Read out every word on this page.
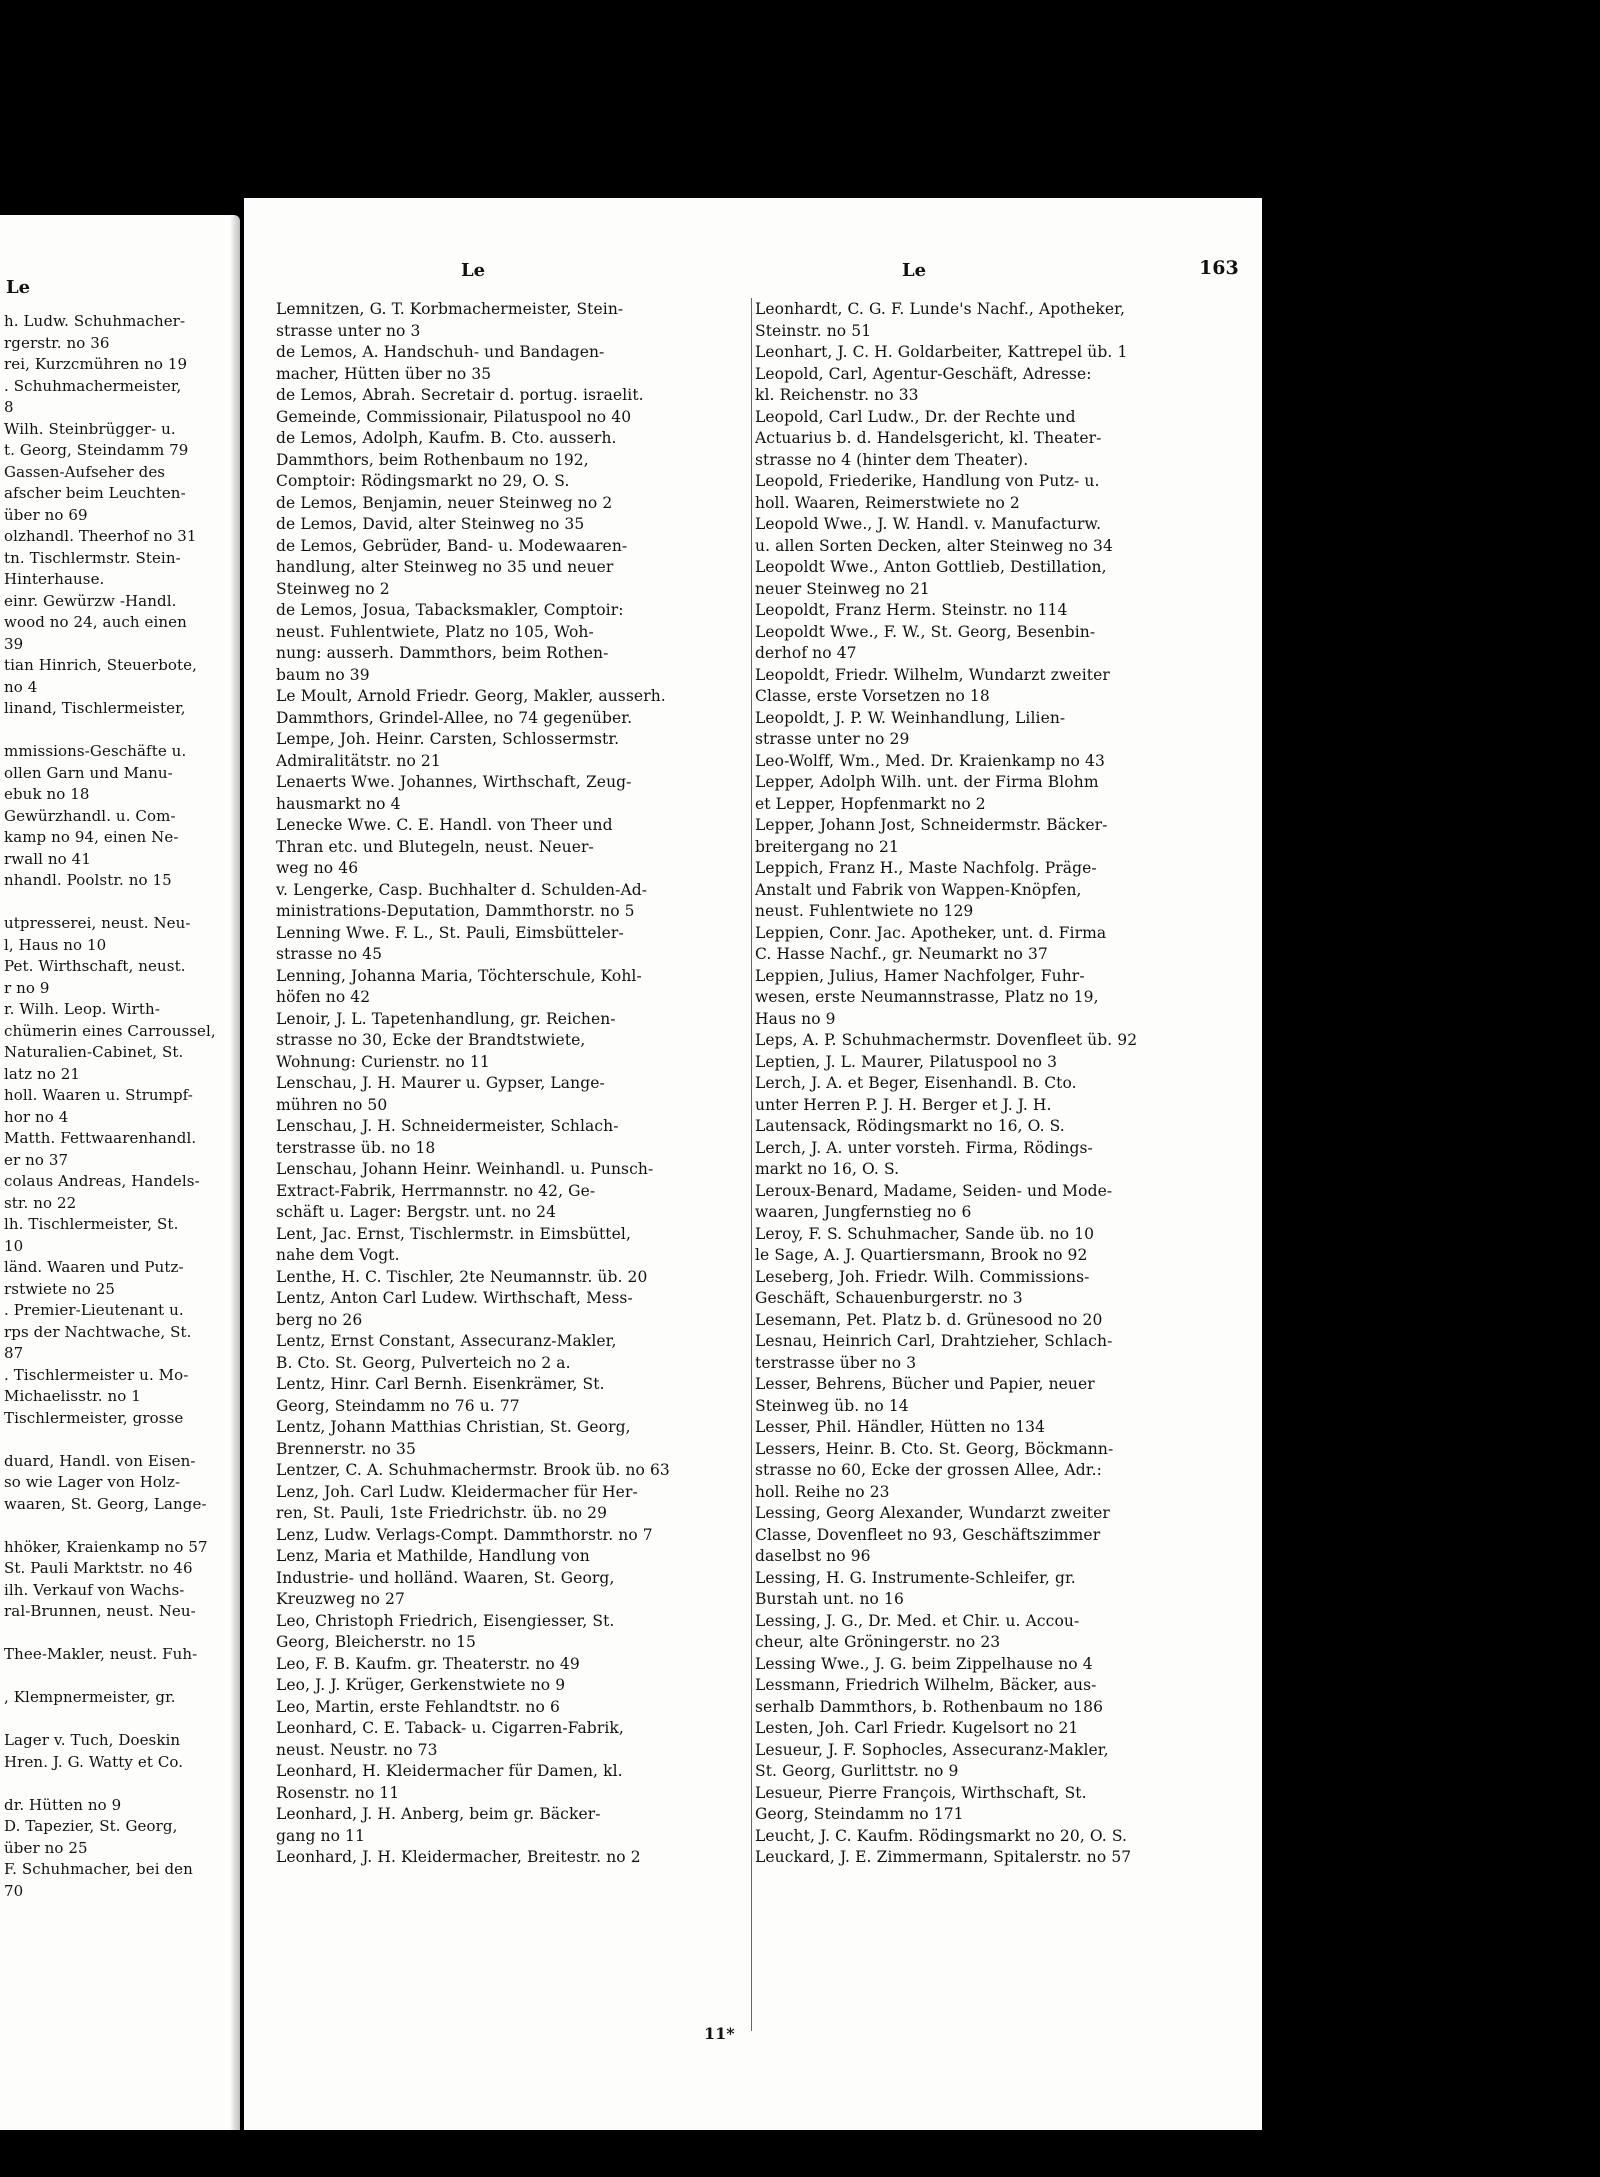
Le
h. Ludw. Schuhmacher-
rgerstr. no 36
rei, Kurzcmühren no 19
. Schuhmachermeister,
8
Wilh. Steinbrügger- u.
t. Georg, Steindamm 79
Gassen-Aufseher des
afscher beim Leuchten-
über no 69
olzhandl. Theerhof no 31
tn. Tischlermstr. Stein-
Hinterhause.
einr. Gewürzw -Handl.
wood no 24, auch einen
39
tian Hinrich, Steuerbote,
no 4
linand, Tischlermeister,
mmissions-Geschäfte u.
ollen Garn und Manu-
ebuk no 18
Gewürzhandl. u. Com-
kamp no 94, einen Ne-
rwall no 41
nhandl. Poolstr. no 15
utpresserei, neust. Neu-
l, Haus no 10
Pet. Wirthschaft, neust.
r no 9
r. Wilh. Leop. Wirth-
chümerin eines Carroussel,
Naturalien-Cabinet, St.
latz no 21
holl. Waaren u. Strumpf-
hor no 4
Matth. Fettwaarenhandl.
er no 37
colaus Andreas, Handels-
str. no 22
lh. Tischlermeister, St.
10
länd. Waaren und Putz-
rstwiete no 25
. Premier-Lieutenant u.
rps der Nachtwache, St.
87
. Tischlermeister u. Mo-
Michaelisstr. no 1
Tischlermeister, grosse
duard, Handl. von Eisen-
so wie Lager von Holz-
waaren, St. Georg, Lange-
hhöker, Kraienkamp no 57
St. Pauli Marktstr. no 46
ilh. Verkauf von Wachs-
ral-Brunnen, neust. Neu-
Thee-Makler, neust. Fuh-
, Klempnermeister, gr.
Lager v. Tuch, Doeskin
Hren. J. G. Watty et Co.
dr. Hütten no 9
D. Tapezier, St. Georg,
über no 25
F. Schuhmacher, bei den
70
Le	Le	163
Lemnitzen, G. T. Korbmachermeister, Stein-
strasse unter no 3
de Lemos, A. Handschuh- und Bandagen-
macher, Hütten über no 35
de Lemos, Abrah. Secretair d. portug. israelit.
Gemeinde, Commissionair, Pilatuspool no 40
de Lemos, Adolph, Kaufm. B. Cto. ausserh.
Dammthors, beim Rothenbaum no 192,
Comptoir: Rödingsmarkt no 29, O. S.
de Lemos, Benjamin, neuer Steinweg no 2
de Lemos, David, alter Steinweg no 35
de Lemos, Gebrüder, Band- u. Modewaaren-
handlung, alter Steinweg no 35 und neuer
Steinweg no 2
de Lemos, Josua, Tabacksmakler, Comptoir:
neust. Fuhlentwiete, Platz no 105, Woh-
nung: ausserh. Dammthors, beim Rothen-
baum no 39
Le Moult, Arnold Friedr. Georg, Makler, ausserh.
Dammthors, Grindel-Allee, no 74 gegenüber.
Lempe, Joh. Heinr. Carsten, Schlossermstr.
Admiralitätstr. no 21
Lenaerts Wwe. Johannes, Wirthschaft, Zeug-
hausmarkt no 4
Lenecke Wwe. C. E. Handl. von Theer und
Thran etc. und Blutegeln, neust. Neuer-
weg no 46
v. Lengerke, Casp. Buchhalter d. Schulden-Ad-
ministrations-Deputation, Dammthorstr. no 5
Lenning Wwe. F. L., St. Pauli, Eimsbütteler-
strasse no 45
Lenning, Johanna Maria, Töchterschule, Kohl-
höfen no 42
Lenoir, J. L. Tapetenhandlung, gr. Reichen-
strasse no 30, Ecke der Brandtstwiete,
Wohnung: Curienstr. no 11
Lenschau, J. H. Maurer u. Gypser, Lange-
mühren no 50
Lenschau, J. H. Schneidermeister, Schlach-
terstrasse üb. no 18
Lenschau, Johann Heinr. Weinhandl. u. Punsch-
Extract-Fabrik, Herrmannstr. no 42, Ge-
schäft u. Lager: Bergstr. unt. no 24
Lent, Jac. Ernst, Tischlermstr. in Eimsbüttel,
nahe dem Vogt.
Lenthe, H. C. Tischler, 2te Neumannstr. üb. 20
Lentz, Anton Carl Ludew. Wirthschaft, Mess-
berg no 26
Lentz, Ernst Constant, Assecuranz-Makler,
B. Cto. St. Georg, Pulverteich no 2 a.
Lentz, Hinr. Carl Bernh. Eisenkrämer, St.
Georg, Steindamm no 76 u. 77
Lentz, Johann Matthias Christian, St. Georg,
Brennerstr. no 35
Lentzer, C. A. Schuhmachermstr. Brook üb. no 63
Lenz, Joh. Carl Ludw. Kleidermacher für Her-
ren, St. Pauli, 1ste Friedrichstr. üb. no 29
Lenz, Ludw. Verlags-Compt. Dammthorstr. no 7
Lenz, Maria et Mathilde, Handlung von
Industrie- und holländ. Waaren, St. Georg,
Kreuzweg no 27
Leo, Christoph Friedrich, Eisengiesser, St.
Georg, Bleicherstr. no 15
Leo, F. B. Kaufm. gr. Theaterstr. no 49
Leo, J. J. Krüger, Gerkenstwiete no 9
Leo, Martin, erste Fehlandtstr. no 6
Leonhard, C. E. Taback- u. Cigarren-Fabrik,
neust. Neustr. no 73
Leonhard, H. Kleidermacher für Damen, kl.
Rosenstr. no 11
Leonhard, J. H. Anberg, beim gr. Bäcker-
gang no 11
Leonhard, J. H. Kleidermacher, Breitestr. no 2
Leonhardt, C. G. F. Lunde's Nachf., Apotheker,
Steinstr. no 51
Leonhart, J. C. H. Goldarbeiter, Kattrepel üb. 1
Leopold, Carl, Agentur-Geschäft, Adresse:
kl. Reichenstr. no 33
Leopold, Carl Ludw., Dr. der Rechte und
Actuarius b. d. Handelsgericht, kl. Theater-
strasse no 4 (hinter dem Theater).
Leopold, Friederike, Handlung von Putz- u.
holl. Waaren, Reimerstwiete no 2
Leopold Wwe., J. W. Handl. v. Manufacturw.
u. allen Sorten Decken, alter Steinweg no 34
Leopoldt Wwe., Anton Gottlieb, Destillation,
neuer Steinweg no 21
Leopoldt, Franz Herm. Steinstr. no 114
Leopoldt Wwe., F. W., St. Georg, Besenbin-
derhof no 47
Leopoldt, Friedr. Wilhelm, Wundarzt zweiter
Classe, erste Vorsetzen no 18
Leopoldt, J. P. W. Weinhandlung, Lilien-
strasse unter no 29
Leo-Wolff, Wm., Med. Dr. Kraienkamp no 43
Lepper, Adolph Wilh. unt. der Firma Blohm
et Lepper, Hopfenmarkt no 2
Lepper, Johann Jost, Schneidermstr. Bäcker-
breitergang no 21
Leppich, Franz H., Maste Nachfolg. Präge-
Anstalt und Fabrik von Wappen-Knöpfen,
neust. Fuhlentwiete no 129
Leppien, Conr. Jac. Apotheker, unt. d. Firma
C. Hasse Nachf., gr. Neumarkt no 37
Leppien, Julius, Hamer Nachfolger, Fuhr-
wesen, erste Neumannstrasse, Platz no 19,
Haus no 9
Leps, A. P. Schuhmachermstr. Dovenfleet üb. 92
Leptien, J. L. Maurer, Pilatuspool no 3
Lerch, J. A. et Beger, Eisenhandl. B. Cto.
unter Herren P. J. H. Berger et J. J. H.
Lautensack, Rödingsmarkt no 16, O. S.
Lerch, J. A. unter vorsteh. Firma, Rödings-
markt no 16, O. S.
Leroux-Benard, Madame, Seiden- und Mode-
waaren, Jungfernstieg no 6
Leroy, F. S. Schuhmacher, Sande üb. no 10
le Sage, A. J. Quartiersmann, Brook no 92
Leseberg, Joh. Friedr. Wilh. Commissions-
Geschäft, Schauenburgerstr. no 3
Lesemann, Pet. Platz b. d. Grünesood no 20
Lesnau, Heinrich Carl, Drahtzieher, Schlach-
terstrasse über no 3
Lesser, Behrens, Bücher und Papier, neuer
Steinweg üb. no 14
Lesser, Phil. Händler, Hütten no 134
Lessers, Heinr. B. Cto. St. Georg, Böckmann-
strasse no 60, Ecke der grossen Allee, Adr.:
holl. Reihe no 23
Lessing, Georg Alexander, Wundarzt zweiter
Classe, Dovenfleet no 93, Geschäftszimmer
daselbst no 96
Lessing, H. G. Instrumente-Schleifer, gr.
Burstah unt. no 16
Lessing, J. G., Dr. Med. et Chir. u. Accou-
cheur, alte Gröningerstr. no 23
Lessing Wwe., J. G. beim Zippelhause no 4
Lessmann, Friedrich Wilhelm, Bäcker, aus-
serhalb Dammthors, b. Rothenbaum no 186
Lesten, Joh. Carl Friedr. Kugelsort no 21
Lesueur, J. F. Sophocles, Assecuranz-Makler,
St. Georg, Gurlittstr. no 9
Lesueur, Pierre François, Wirthschaft, St.
Georg, Steindamm no 171
Leucht, J. C. Kaufm. Rödingsmarkt no 20, O. S.
Leuckard, J. E. Zimmermann, Spitalerstr. no 57
11*
